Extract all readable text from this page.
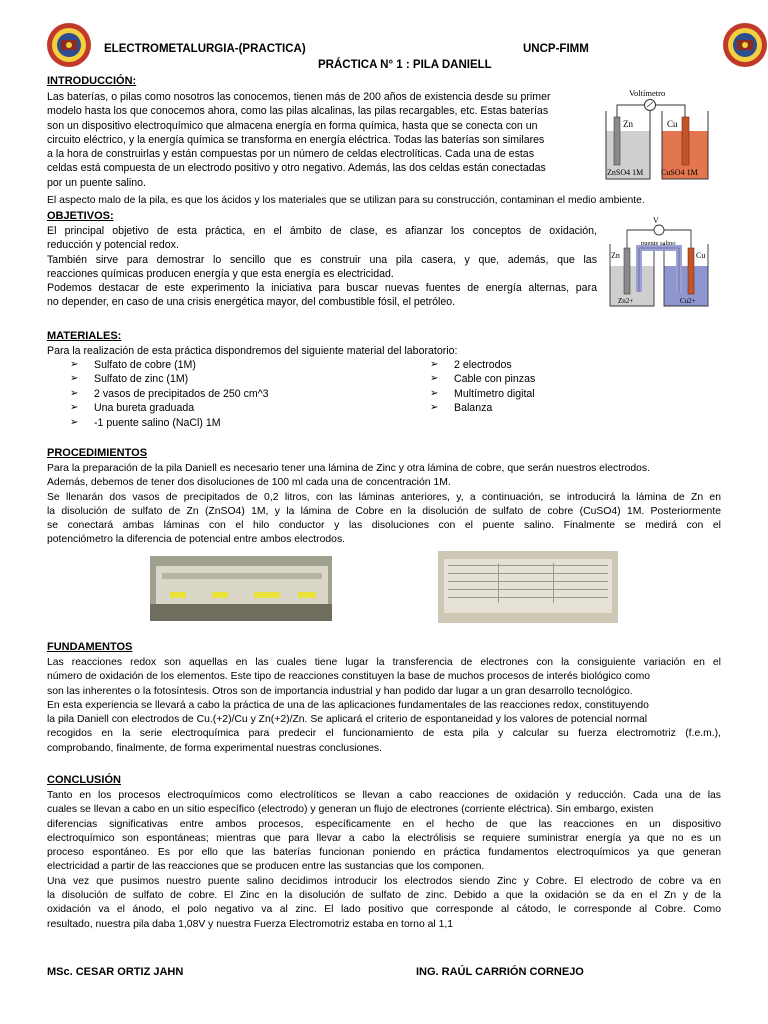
ELECTROMETALURGIA-(PRACTICA)	UNCP-FIMM
PRÁCTICA N° 1 : PILA DANIELL
INTRODUCCIÓN:
Las baterías, o pilas como nosotros las conocemos, tienen más de 200 años de existencia desde su primer
modelo hasta los que conocemos ahora, como las pilas alcalinas, las pilas recargables, etc. Estas baterías
son un dispositivo electroquímico que almacena energía en forma química, hasta que se conecta con un
circuito eléctrico, y la energía química se transforma en energía eléctrica. Todas las baterías son similares
a la hora de construirlas y están compuestas por un número de celdas electrolíticas. Cada una de estas
celdas está compuesta de un electrodo positivo y otro negativo. Además, las dos celdas están conectadas
por un puente salino.
El aspecto malo de la pila, es que los ácidos y los materiales que se utilizan para su construcción, contaminan el medio ambiente.
Voltímetro
Zn
ZnSO4 1M
Cu
CuSO4 1M
OBJETIVOS:
El principal objetivo de esta práctica, en el ámbito de clase, es afianzar los conceptos de oxidación,
reducción y potencial redox.
También sirve para demostrar lo sencillo que es construir una pila casera, y que, además, que las
reacciones químicas producen energía y que esta energía es electricidad.
Podemos destacar de este experimento la iniciativa para buscar nuevas fuentes de energía alternas, para
no depender, en caso de una crisis energética mayor, del combustible fósil, el petróleo.
V
puente salino
Zn	Cu
Zn2+	Cu2+
MATERIALES:
Para la realización de esta práctica dispondremos del siguiente material del laboratorio:
➢ Sulfato de cobre (1M)
➢ Sulfato de zinc (1M)
➢ 2 vasos de precipitados de 250 cm^3
➢ Una bureta graduada
➢ -1 puente salino (NaCl) 1M
➢ 2 electrodos
➢ Cable con pinzas
➢ Multímetro digital
➢ Balanza
PROCEDIMIENTOS
Para la preparación de la pila Daniell es necesario tener una lámina de Zinc y otra lámina de cobre, que serán nuestros electrodos.
Además, debemos de tener dos disoluciones de 100 ml cada una de concentración 1M.
Se llenarán dos vasos de precipitados de 0,2 litros, con las láminas anteriores, y, a continuación, se introducirá la lámina de Zn en
la disolución de sulfato de Zn (ZnSO4) 1M, y la lámina de Cobre en la disolución de sulfato de cobre (CuSO4) 1M. Posteriormente
se conectará ambas láminas con el hilo conductor y las disoluciones con el puente salino. Finalmente se medirá con el
potenciómetro la diferencia de potencial entre ambos electrodos.
FUNDAMENTOS
Las reacciones redox son aquellas en las cuales tiene lugar la transferencia de electrones con la consiguiente variación en el
número de oxidación de los elementos. Este tipo de reacciones constituyen la base de muchos procesos de interés biológico como
son las inherentes o la fotosíntesis. Otros son de importancia industrial y han podido dar lugar a un gran desarrollo tecnológico.
En esta experiencia se llevará a cabo la práctica de una de las aplicaciones fundamentales de las reacciones redox, constituyendo
la pila Daniell con electrodos de Cu.(+2)/Cu y Zn(+2)/Zn. Se aplicará el criterio de espontaneidad y los valores de potencial normal
recogidos en la serie electroquímica para predecir el funcionamiento de esta pila y calcular su fuerza electromotriz (f.e.m.),
comprobando, finalmente, de forma experimental nuestras conclusiones.
CONCLUSIÓN
Tanto en los procesos electroquímicos como electrolíticos se llevan a cabo reacciones de oxidación y reducción. Cada una de las
cuales se llevan a cabo en un sitio específico (electrodo) y generan un flujo de electrones (corriente eléctrica). Sin embargo, existen
diferencias significativas entre ambos procesos, específicamente en el hecho de que las reacciones en un dispositivo
electroquímico son espontáneas; mientras que para llevar a cabo la electrólisis se requiere suministrar energía ya que no es un
proceso espontáneo. Es por ello que las baterías funcionan poniendo en práctica fundamentos electroquímicos ya que generan
electricidad a partir de las reacciones que se producen entre las sustancias que los componen.
Una vez que pusimos nuestro puente salino decidimos introducir los electrodos siendo Zinc y Cobre. El electrodo de cobre va en
la disolución de sulfato de cobre. El Zinc en la disolución de sulfato de zinc. Debido a que la oxidación se da en el Zn y de la
oxidación va el ánodo, el polo negativo va al zinc. El lado positivo que corresponde al cátodo, le corresponde al Cobre. Como
resultado, nuestra pila daba 1,08V y nuestra Fuerza Electromotriz estaba en torno al 1,1
MSc. CESAR ORTIZ JAHN	ING. RAÚL CARRIÓN CORNEJO
